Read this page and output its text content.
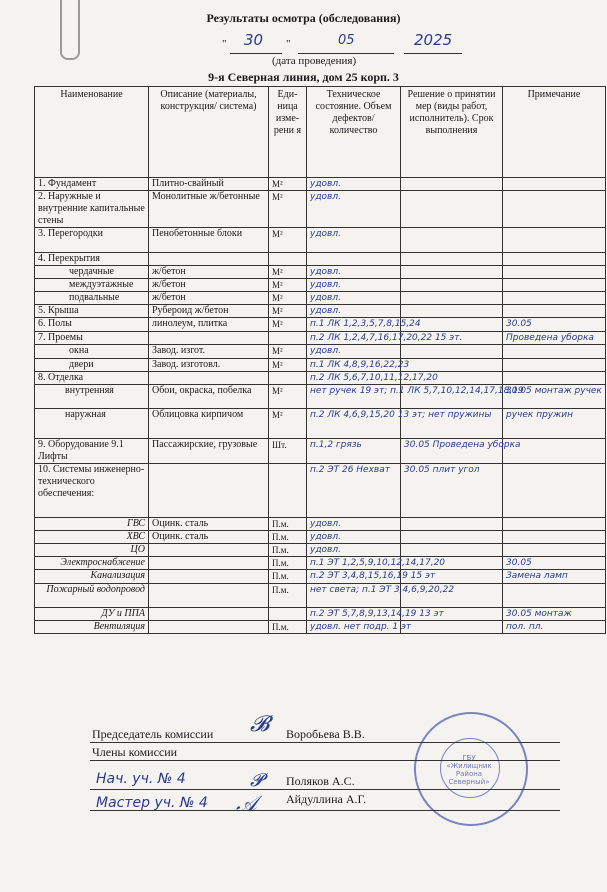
Результаты осмотра (обследования)
" 30 "	05	2025
(дата проведения)
9-я Северная линия, дом 25 корп. 3
Наименование	Описание (материалы, конструкция/ система)	Еди-ница изме-рени я	Техническое состояние. Объем дефектов/ количество	Решение о принятии мер (виды работ, исполнитель). Срок выполнения	Примечание
1. Фундамент	Плитно-свайный	М²	удовл.		
2. Наружные и внутренние капитальные стены	Монолитные ж/бетонные	М²	удовл.		
3. Перегородки	Пенобетонные блоки	М²	удовл.		
4. Перекрытия					
чердачные	ж/бетон	М²	удовл.		
междуэтажные	ж/бетон	М²	удовл.		
подвальные	ж/бетон	М²	удовл.		
5. Крыша	Рубероид ж/бетон	М²	удовл.		
6. Полы	линолеум, плитка	М²	п.1 ЛК 1,2,3,5,7,8,15,24		30.05
7. Проемы			п.2 ЛК 1,2,4,7,16,17,20,22 15 эт.		Проведена уборка
окна	Завод. изгот.	М²	удовл.		
двери	Завод. изготовл.	М²	п.1 ЛК 4,8,9,16,22,23		
8. Отделка			п.2 ЛК 5,6,7,10,11,12,17,20		
внутренняя	Обои, окраска, побелка	М²	нет ручек 19 эт; п.1 ЛК 5,7,10,12,14,17,18,19		30.05 монтаж ручек
наружная	Облицовка кирпичом	М²	п.2 ЛК 4,6,9,15,20 13 эт; нет пружины		ручек пружин
9. Оборудование 9.1 Лифты	Пассажирские, грузовые	Шт.	п.1,2 грязь	30.05 Проведена уборка	
10. Системы инженерно-технического обеспечения:			п.2 ЭТ 26 Нехват	30.05 плит угол	
ГВС	Оцинк. сталь	П.м.	удовл.		
ХВС	Оцинк. сталь	П.м.	удовл.		
ЦО		П.м.	удовл.		
Электроснабжение		П.м.	п.1 ЭТ 1,2,5,9,10,12,14,17,20		30.05
Канализация		П.м.	п.2 ЭТ 3,4,8,15,16,19 15 эт		Замена ламп
Пожарный водопровод		П.м.	нет света; п.1 ЭТ 3,4,6,9,20,22		
ДУ и ППА			п.2 ЭТ 5,7,8,9,13,14,19 13 эт		30.05 монтаж
Вентиляция		П.м.	удовл. нет подр. 1 эт		пол. пл.
ГБУ «Жилищник Района Северный»
Председатель комиссии 𝓑 Воробьева В.В.
Члены комиссии
Нач. уч. № 4	𝓟 Поляков А.С.
Мастер уч. № 4 𝒜 Айдуллина А.Г.
